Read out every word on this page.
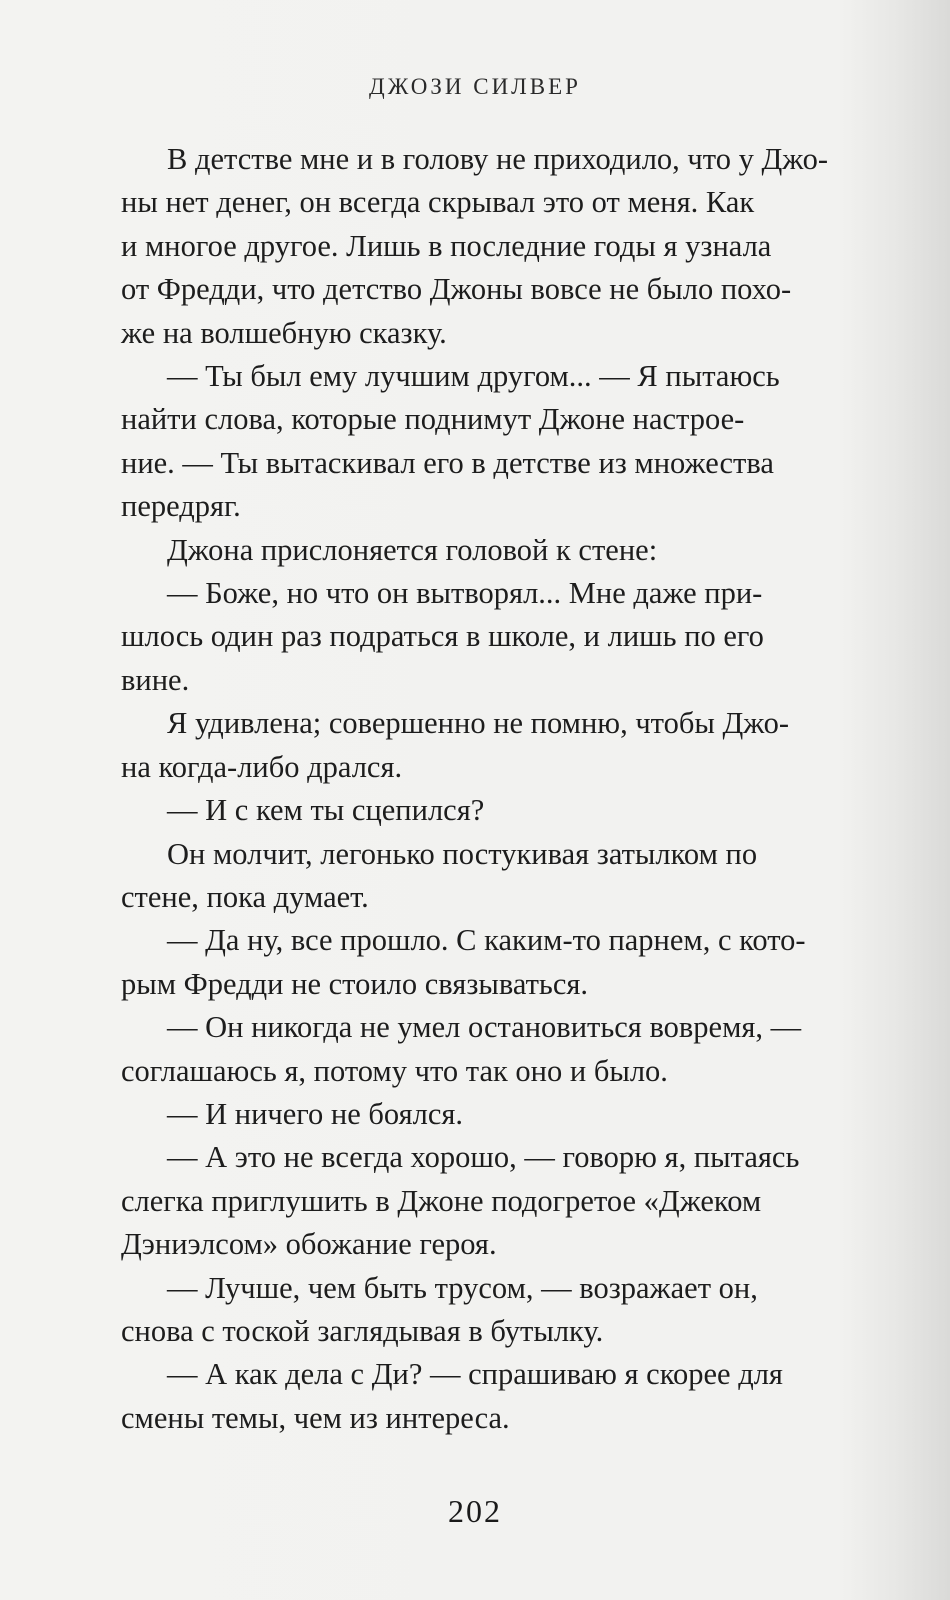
ДЖОЗИ СИЛВЕР

В детстве мне и в голову не приходило, что у Джо-
ны нет денег, он всегда скрывал это от меня. Как
и многое другое. Лишь в последние годы я узнала
от Фредди, что детство Джоны вовсе не было похо-
же на волшебную сказку.

— Ты был ему лучшим другом... — Я пытаюсь
найти слова, которые поднимут Джоне настрое-
ние. — Ты вытаскивал его в детстве из множества
передряг.

Джона прислоняется головой к стене:

— Боже, но что он вытворял... Мне даже при-
шлось один раз подраться в школе, и лишь по его
вине.

Я удивлена; совершенно не помню, чтобы Джо-
на когда-либо дрался.

— И с кем ты сцепился?

Он молчит, легонько постукивая затылком по
стене, пока думает.

— Да ну, все прошло. С каким-то парнем, с кото-
рым Фредди не стоило связываться.

— Он никогда не умел остановиться вовремя, —
соглашаюсь я, потому что так оно и было.

— И ничего не боялся.

— А это не всегда хорошо, — говорю я, пытаясь
слегка приглушить в Джоне подогретое «Джеком
Дэниэлсом» обожание героя.

— Лучше, чем быть трусом, — возражает он,
снова с тоской заглядывая в бутылку.

— А как дела с Ди? — спрашиваю я скорее для
смены темы, чем из интереса.

202
